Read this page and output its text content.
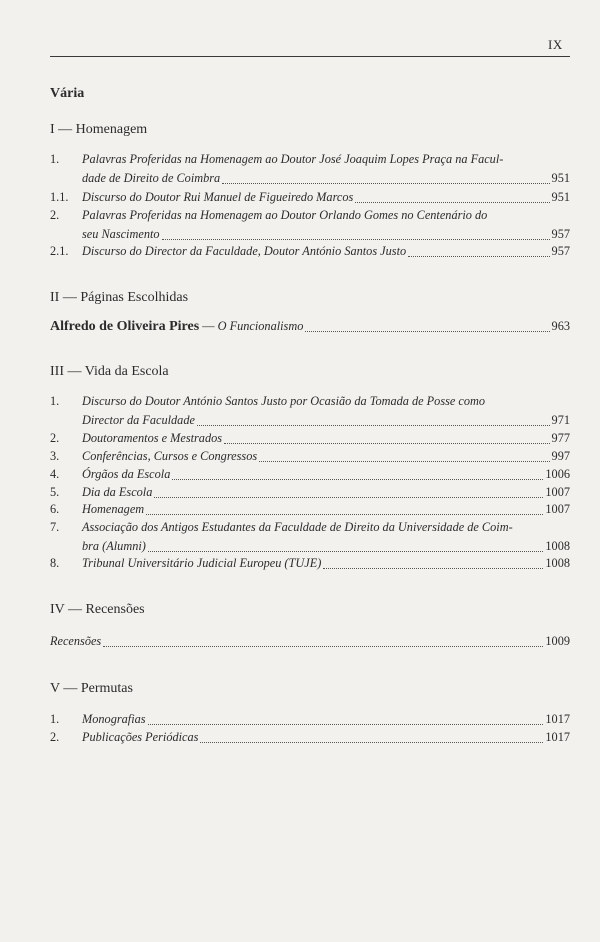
IX
Vária
I — Homenagem
1. Palavras Proferidas na Homenagem ao Doutor José Joaquim Lopes Praça na Facul-
dade de Direito de Coimbra	951
1.1. Discurso do Doutor Rui Manuel de Figueiredo Marcos	951
2. Palavras Proferidas na Homenagem ao Doutor Orlando Gomes no Centenário do
seu Nascimento	957
2.1. Discurso do Director da Faculdade, Doutor António Santos Justo	957
II — Páginas Escolhidas
Alfredo de Oliveira Pires — O Funcionalismo	963
III — Vida da Escola
1. Discurso do Doutor António Santos Justo por Ocasião da Tomada de Posse como
Director da Faculdade	971
2. Doutoramentos e Mestrados	977
3. Conferências, Cursos e Congressos	997
4. Órgãos da Escola	1006
5. Dia da Escola	1007
6. Homenagem	1007
7. Associação dos Antigos Estudantes da Faculdade de Direito da Universidade de Coim-
bra (Alumni)	1008
8. Tribunal Universitário Judicial Europeu (TUJE)	1008
IV — Recensões
Recensões	1009
V — Permutas
1. Monografias	1017
2. Publicações Periódicas	1017
